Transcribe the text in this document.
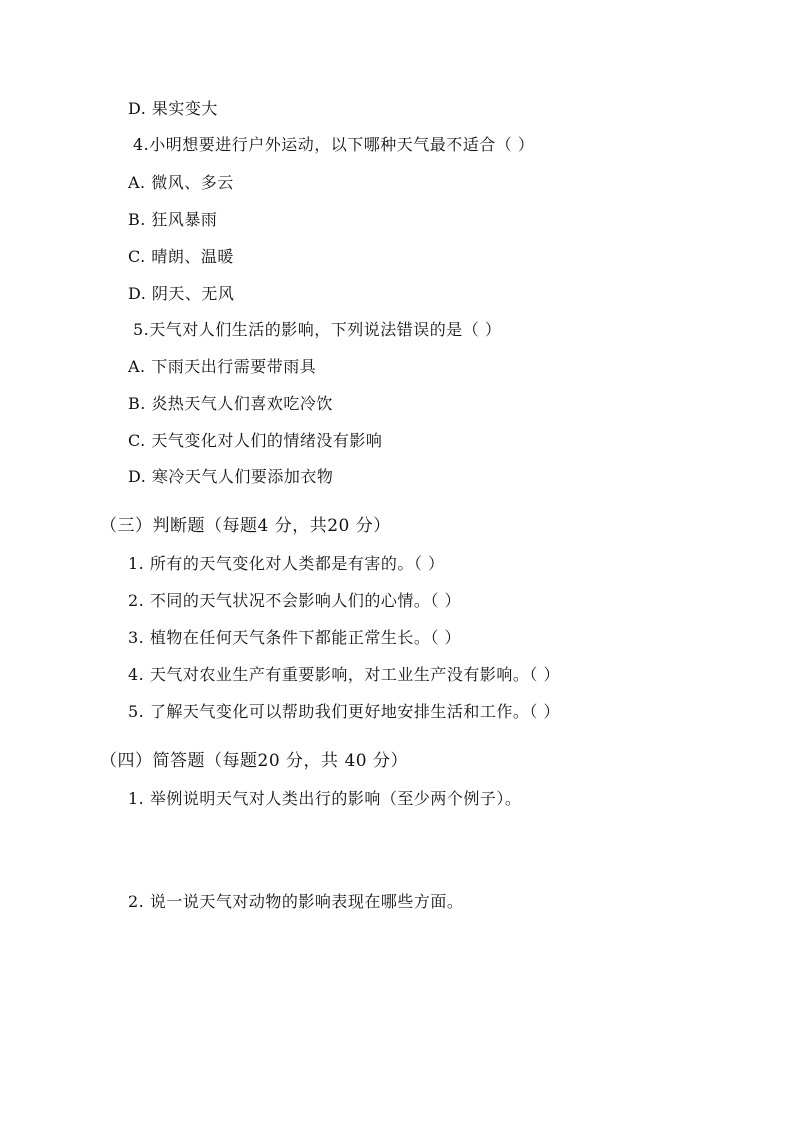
D. 果实变大
4.小明想要进行户外运动，以下哪种天气最不适合（ ）
A. 微风、多云
B. 狂风暴雨
C. 晴朗、温暖
D. 阴天、无风
5.天气对人们生活的影响，下列说法错误的是（ ）
A. 下雨天出行需要带雨具
B. 炎热天气人们喜欢吃冷饮
C. 天气变化对人们的情绪没有影响
D. 寒冷天气人们要添加衣物
（三）判断题（每题4 分，共20 分）
1. 所有的天气变化对人类都是有害的。（ ）
2. 不同的天气状况不会影响人们的心情。（ ）
3. 植物在任何天气条件下都能正常生长。（ ）
4. 天气对农业生产有重要影响，对工业生产没有影响。（ ）
5. 了解天气变化可以帮助我们更好地安排生活和工作。（ ）
（四）简答题（每题20 分，共 40 分）
1. 举例说明天气对人类出行的影响（至少两个例子）。
2. 说一说天气对动物的影响表现在哪些方面。
